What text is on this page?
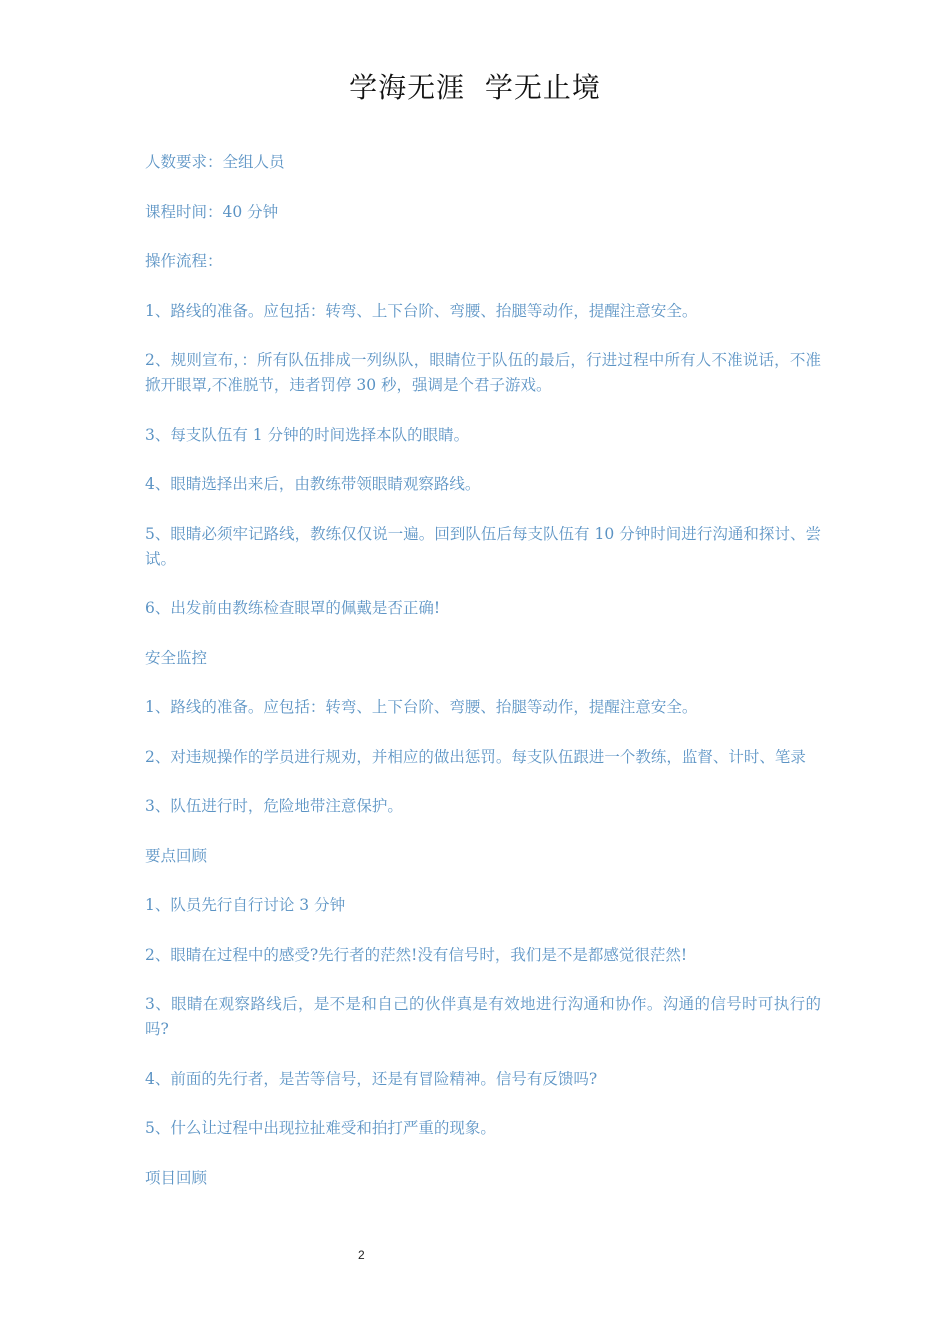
学海无涯  学无止境

人数要求：全组人员

课程时间：40 分钟

操作流程：

1、路线的准备。应包括：转弯、上下台阶、弯腰、抬腿等动作，提醒注意安全。

2、规则宣布，：所有队伍排成一列纵队，眼睛位于队伍的最后，行进过程中所有人不准说话，不准掀开眼罩,不准脱节，违者罚停 30 秒，强调是个君子游戏。

3、每支队伍有 1 分钟的时间选择本队的眼睛。

4、眼睛选择出来后，由教练带领眼睛观察路线。

5、眼睛必须牢记路线，教练仅仅说一遍。回到队伍后每支队伍有 10 分钟时间进行沟通和探讨、尝试。

6、出发前由教练检查眼罩的佩戴是否正确!

安全监控

1、路线的准备。应包括：转弯、上下台阶、弯腰、抬腿等动作，提醒注意安全。

2、对违规操作的学员进行规劝，并相应的做出惩罚。每支队伍跟进一个教练，监督、计时、笔录

3、队伍进行时，危险地带注意保护。

要点回顾

1、队员先行自行讨论 3 分钟

2、眼睛在过程中的感受?先行者的茫然!没有信号时，我们是不是都感觉很茫然!

3、眼睛在观察路线后，是不是和自己的伙伴真是有效地进行沟通和协作。沟通的信号时可执行的吗?

4、前面的先行者，是苦等信号，还是有冒险精神。信号有反馈吗?

5、什么让过程中出现拉扯难受和拍打严重的现象。

项目回顾

2
